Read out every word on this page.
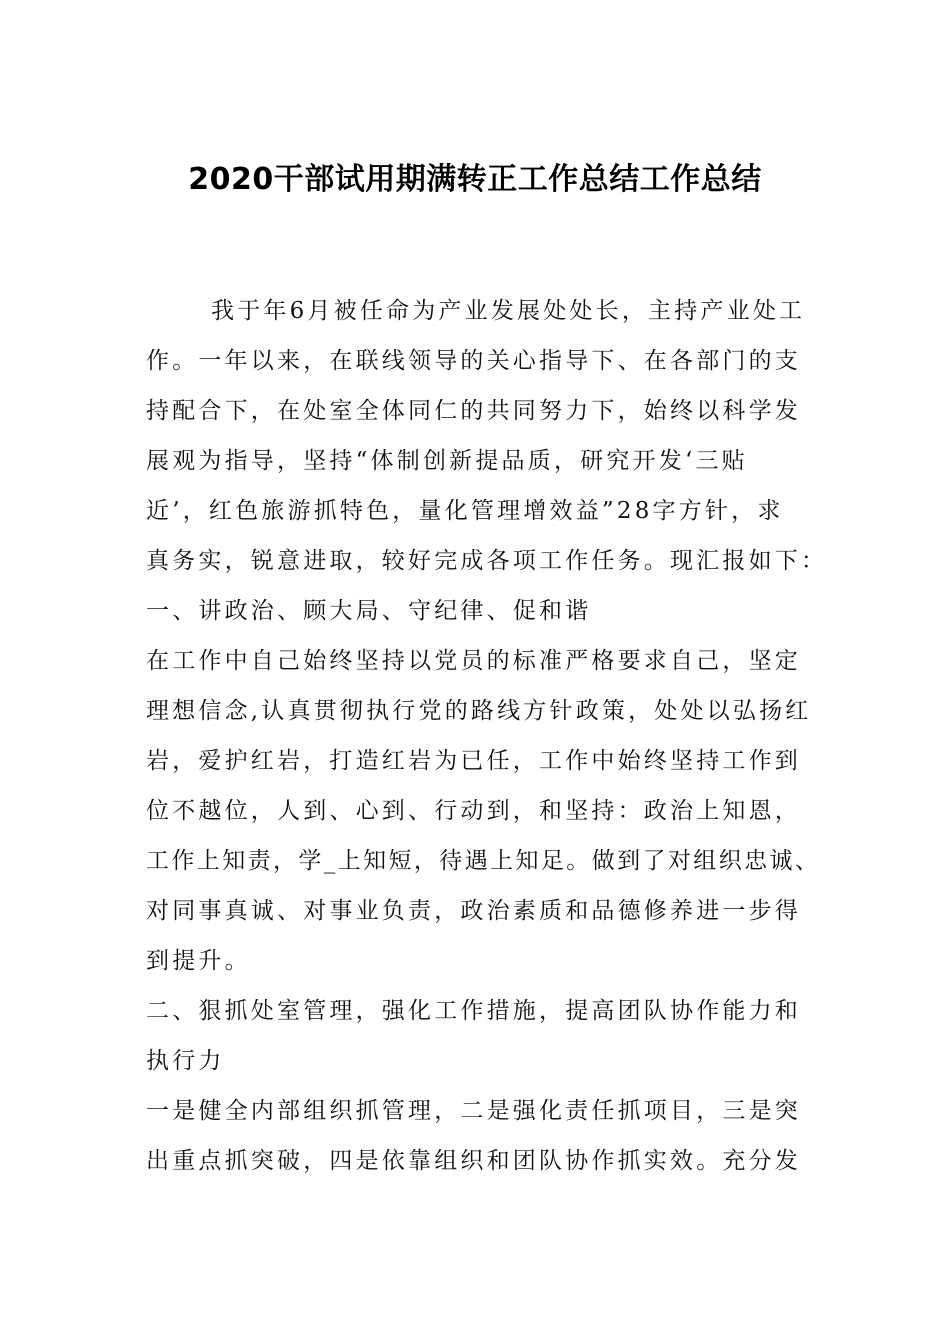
2020干部试用期满转正工作总结工作总结
我于年6月被任命为产业发展处处长，主持产业处工
作。一年以来，在联线领导的关心指导下、在各部门的支
持配合下，在处室全体同仁的共同努力下，始终以科学发
展观为指导，坚持“体制创新提品质，研究开发‘三贴
近’，红色旅游抓特色，量化管理增效益”28字方针，求
真务实，锐意进取，较好完成各项工作任务。现汇报如下：
一、讲政治、顾大局、守纪律、促和谐
在工作中自己始终坚持以党员的标准严格要求自己，坚定
理想信念,认真贯彻执行党的路线方针政策，处处以弘扬红
岩，爱护红岩，打造红岩为已任，工作中始终坚持工作到
位不越位，人到、心到、行动到，和坚持：政治上知恩，
工作上知责，学_上知短，待遇上知足。做到了对组织忠诚、
对同事真诚、对事业负责，政治素质和品德修养进一步得
到提升。
二、狠抓处室管理，强化工作措施，提高团队协作能力和
执行力
一是健全内部组织抓管理，二是强化责任抓项目，三是突
出重点抓突破，四是依靠组织和团队协作抓实效。充分发
